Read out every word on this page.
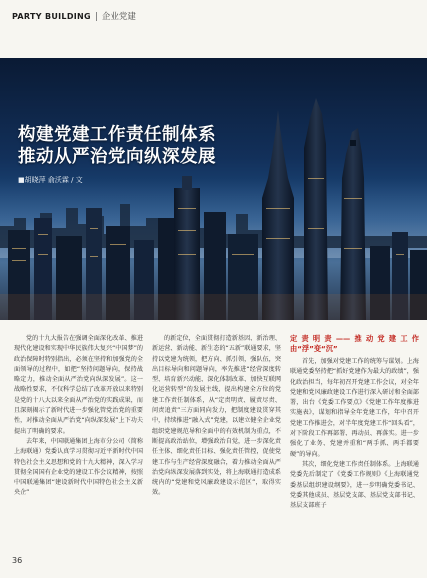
PARTY BUILDING 企业党建
构建党建工作责任制体系
推动从严治党向纵深发展
■胡晓萍 俞沃霖 / 文

党的十九大报告在强调全面深化改革、推进现代化建设和实现中华民族伟大复兴“中国梦”的政治保障时特别指出，必须在坚持和加强党的全面领导的过程中，如把“坚持问题导向，保持战略定力，推动全面从严治党向纵深发展”。这一战略性要求，不仅科学总结了改革开放以来特别是党的十八大以来全面从严治党的实践成果，而且深刻揭示了新时代进一步强化管党治党的重要性，对推动全面从严治党“向纵深发展”上下功夫提出了明确的要求。

去年来，中国联通集团上海市分公司（简称上海联通）党委认真学习贯彻习近平新时代中国特色社会主义思想和党的十九大精神，深入学习贯彻全国国有企业党的建设工作会议精神，按照中国联通集团“建设新时代中国特色社会主义新央企”

的新定位，全面贯彻打造新基因、新治理、新运营、新动能、新生态的“五新”联通要求，坚持以党建为统领，把方向、抓引领，强队伍，突出目标导向和问题导向，率先推进“经营深度转型、培育新兴动能、深化体制改革、加快互联网化运营转型”的发展主线，提出构建全方位的党建工作责任制体系，从“定责明责、履责尽责、问责追责”三方面同向发力，把制度建设贯穿其中，持续推进“融入式”党建，以建立健全企业党组织党建规范导和全面中的有效机制为重点，不断提高政治站位，增强政治自觉，进一步深化责任主体、细化责任目标、强化责任管控，促使党建工作与生产经营深度融合，着力推动全面从严治党向纵深发展落到实处，将上海联通打造成系统内的“党建和党风廉政建设示范区”，取得实效。

定责明责——推动党建工作由“浮”变“沉”

首先，加强对党建工作的统筹与谋划。上海联通党委坚持把“抓好党建作为最大的政绩”，强化政治担当，每年初召开党建工作会议，对全年党建和党风廉政建设工作进行深入研讨和全面部署，出台《党委工作要点》《党建工作年度推进实施表》，谋划和指导全年党建工作，年中召开党建工作推进会，对半年度党建工作“回头看”，对下阶段工作再部署、再动员、再落实。进一步强化了业务、党建并重和“两手抓、两手都要硬”的导向。

其次，细化党建工作责任制体系。上海联通党委先后制定了《党委工作规则》《上海联通党委基层组织建设纲要》，进一步明确党委书记、党委其他成员、基层党支部、基层党支部书记、基层支部班子

36
